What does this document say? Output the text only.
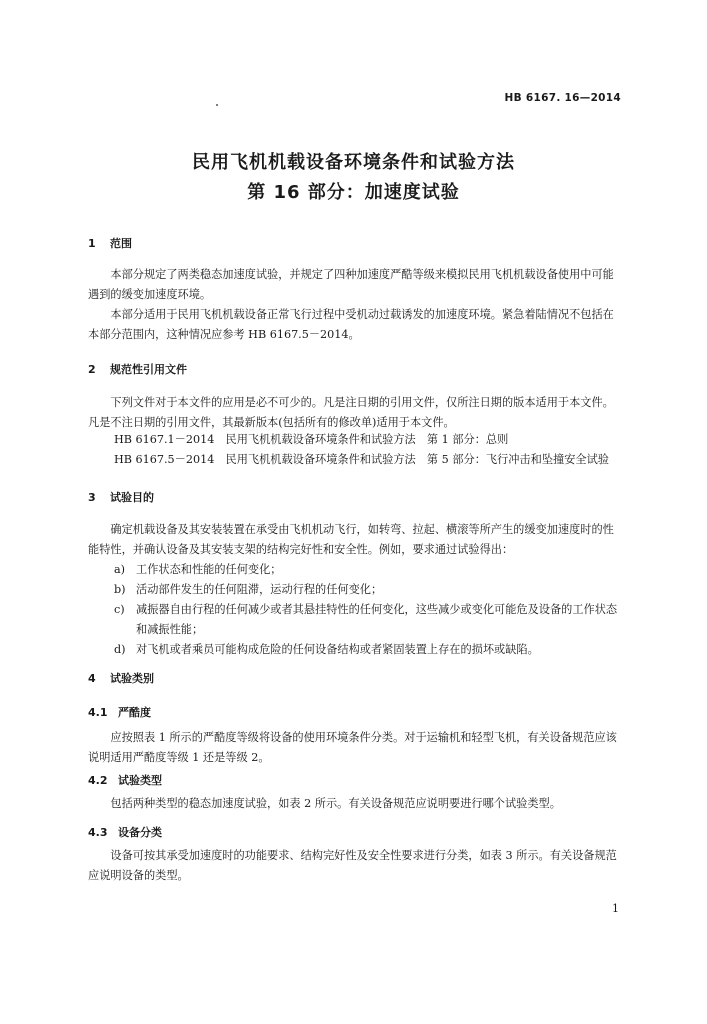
HB 6167. 16—2014
民用飞机机载设备环境条件和试验方法
第 16 部分：加速度试验
1 范围
本部分规定了两类稳态加速度试验，并规定了四种加速度严酷等级来模拟民用飞机机载设备使用中可能遇到的缓变加速度环境。
本部分适用于民用飞机机载设备正常飞行过程中受机动过载诱发的加速度环境。紧急着陆情况不包括在本部分范围内，这种情况应参考 HB 6167.5－2014。
2 规范性引用文件
下列文件对于本文件的应用是必不可少的。凡是注日期的引用文件，仅所注日期的版本适用于本文件。凡是不注日期的引用文件，其最新版本(包括所有的修改单)适用于本文件。
HB 6167.1－2014　民用飞机机载设备环境条件和试验方法　第 1 部分：总则
HB 6167.5－2014　民用飞机机载设备环境条件和试验方法　第 5 部分：飞行冲击和坠撞安全试验
3 试验目的
确定机载设备及其安装装置在承受由飞机机动飞行，如转弯、拉起、横滚等所产生的缓变加速度时的性能特性，并确认设备及其安装支架的结构完好性和安全性。例如，要求通过试验得出：
a) 工作状态和性能的任何变化；
b) 活动部件发生的任何阻滞，运动行程的任何变化；
c) 减振器自由行程的任何减少或者其悬挂特性的任何变化，这些减少或变化可能危及设备的工作状态和减振性能；
d) 对飞机或者乘员可能构成危险的任何设备结构或者紧固装置上存在的损坏或缺陷。
4 试验类别
4.1 严酷度
应按照表 1 所示的严酷度等级将设备的使用环境条件分类。对于运输机和轻型飞机，有关设备规范应该说明适用严酷度等级 1 还是等级 2。
4.2 试验类型
包括两种类型的稳态加速度试验，如表 2 所示。有关设备规范应说明要进行哪个试验类型。
4.3 设备分类
设备可按其承受加速度时的功能要求、结构完好性及安全性要求进行分类，如表 3 所示。有关设备规范应说明设备的类型。
1
